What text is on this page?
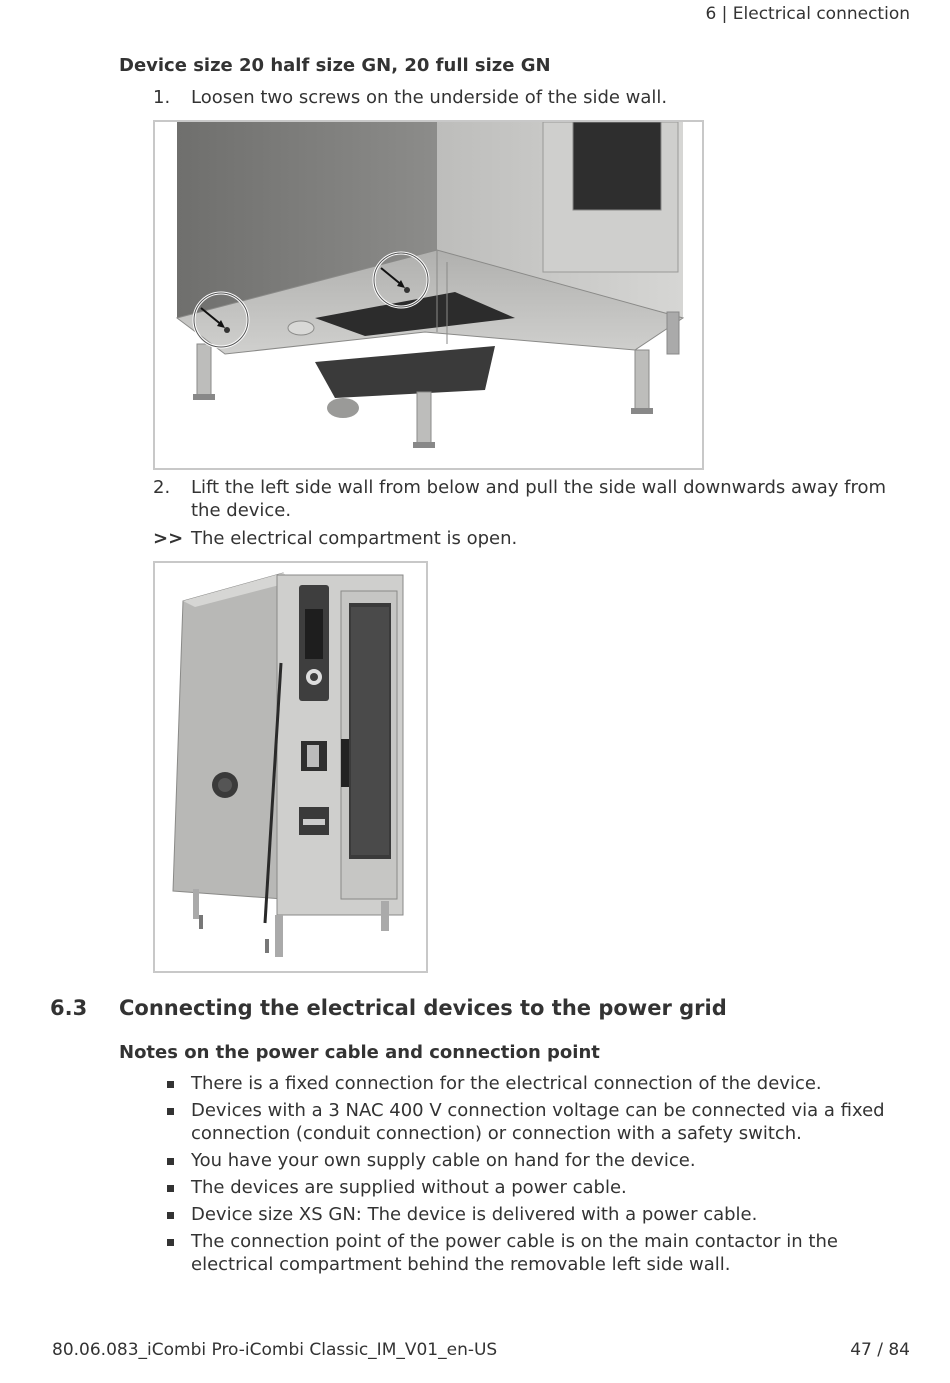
6 | Electrical connection
Device size 20 half size GN, 20 full size GN
1. Loosen two screws on the underside of the side wall.
2. Lift the left side wall from below and pull the side wall downwards away from the device.
>> The electrical compartment is open.
6.3 Connecting the electrical devices to the power grid
Notes on the power cable and connection point
There is a fixed connection for the electrical connection of the device.
Devices with a 3 NAC 400 V connection voltage can be connected via a fixed connection (conduit connection) or connection with a safety switch.
You have your own supply cable on hand for the device.
The devices are supplied without a power cable.
Device size XS GN: The device is delivered with a power cable.
The connection point of the power cable is on the main contactor in the electrical compartment behind the removable left side wall.
80.06.083_iCombi Pro-iCombi Classic_IM_V01_en-US	47 / 84
